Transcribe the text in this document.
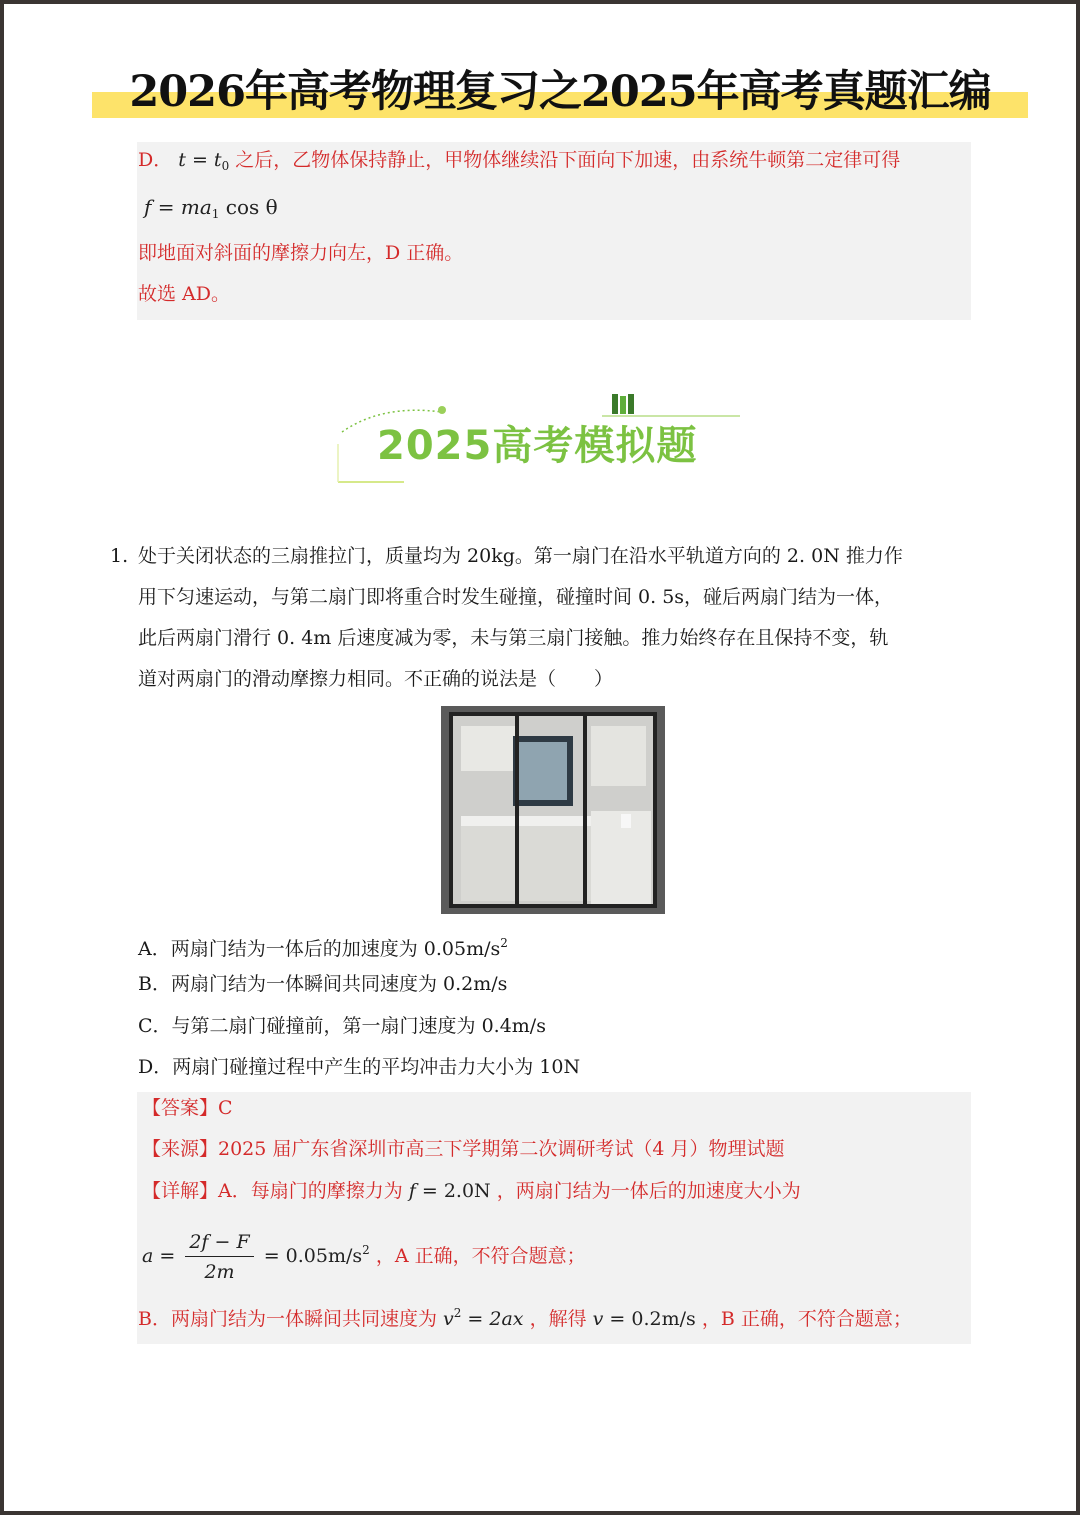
2026年高考物理复习之2025年高考真题汇编
D． $t = t_0$ 之后，乙物体保持静止，甲物体继续沿下面向下加速，由系统牛顿第二定律可得
$f = ma_1$ cos θ
即地面对斜面的摩擦力向左，D 正确。
故选 AD。
2025高考模拟题
1. 处于关闭状态的三扇推拉门，质量均为 20kg。第一扇门在沿水平轨道方向的 2. 0N 推力作
用下匀速运动，与第二扇门即将重合时发生碰撞，碰撞时间 0. 5s，碰后两扇门结为一体，
此后两扇门滑行 0. 4m 后速度减为零，未与第三扇门接触。推力始终存在且保持不变，轨
道对两扇门的滑动摩擦力相同。不正确的说法是（　　）
A．两扇门结为一体后的加速度为 $0.05m/s^2$
B．两扇门结为一体瞬间共同速度为 0.2m/s
C．与第二扇门碰撞前，第一扇门速度为 0.4m/s
D．两扇门碰撞过程中产生的平均冲击力大小为 10N
【答案】C
【来源】2025 届广东省深圳市高三下学期第二次调研考试（4 月）物理试题
【详解】A．每扇门的摩擦力为 f = 2.0N ，两扇门结为一体后的加速度大小为
$a = \frac{2f - F}{2m} = 0.05m/s^2$ ，A 正确，不符合题意；
B．两扇门结为一体瞬间共同速度为 $v^2 = 2ax$ ，解得 v = 0.2m/s ，B 正确，不符合题意；
